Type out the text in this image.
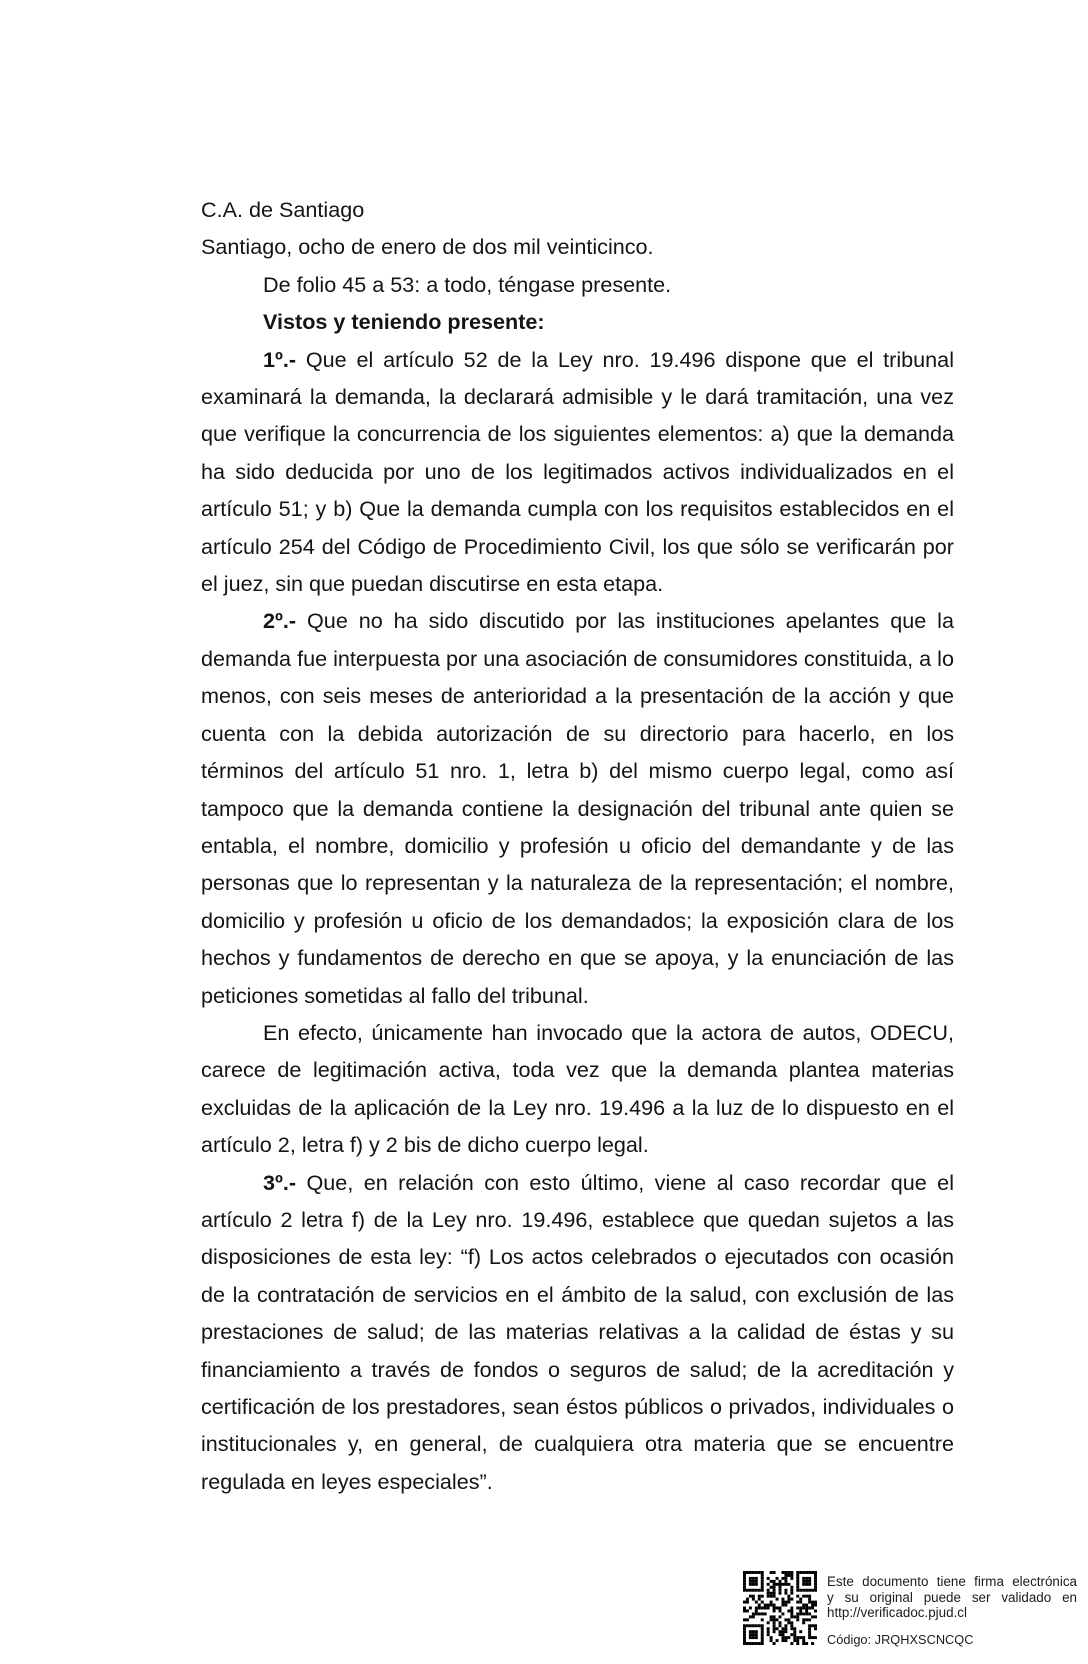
C.A. de Santiago

Santiago, ocho de enero de dos mil veinticinco.

De folio 45 a 53: a todo, téngase presente.

Vistos y teniendo presente:

1º.- Que el artículo 52 de la Ley nro. 19.496 dispone que el tribunal examinará la demanda, la declarará admisible y le dará tramitación, una vez que verifique la concurrencia de los siguientes elementos: a) que la demanda ha sido deducida por uno de los legitimados activos individualizados en el artículo 51; y b) Que la demanda cumpla con los requisitos establecidos en el artículo 254 del Código de Procedimiento Civil, los que sólo se verificarán por el juez, sin que puedan discutirse en esta etapa.

2º.- Que no ha sido discutido por las instituciones apelantes que la demanda fue interpuesta por una asociación de consumidores constituida, a lo menos, con seis meses de anterioridad a la presentación de la acción y que cuenta con la debida autorización de su directorio para hacerlo, en los términos del artículo 51 nro. 1, letra b) del mismo cuerpo legal, como así tampoco que la demanda contiene la designación del tribunal ante quien se entabla, el nombre, domicilio y profesión u oficio del demandante y de las personas que lo representan y la naturaleza de la representación; el nombre, domicilio y profesión u oficio de los demandados; la exposición clara de los hechos y fundamentos de derecho en que se apoya, y la enunciación de las peticiones sometidas al fallo del tribunal.

En efecto, únicamente han invocado que la actora de autos, ODECU, carece de legitimación activa, toda vez que la demanda plantea materias excluidas de la aplicación de la Ley nro. 19.496 a la luz de lo dispuesto en el artículo 2, letra f) y 2 bis de dicho cuerpo legal.

3º.- Que, en relación con esto último, viene al caso recordar que el artículo 2 letra f) de la Ley nro. 19.496, establece que quedan sujetos a las disposiciones de esta ley: “f) Los actos celebrados o ejecutados con ocasión de la contratación de servicios en el ámbito de la salud, con exclusión de las prestaciones de salud; de las materias relativas a la calidad de éstas y su financiamiento a través de fondos o seguros de salud; de la acreditación y certificación de los prestadores, sean éstos públicos o privados, individuales o institucionales y, en general, de cualquiera otra materia que se encuentre regulada en leyes especiales”.

Este documento tiene firma electrónica
y su original puede ser validado en
http://verificadoc.pjud.cl
Código: JRQHXSCNCQC
